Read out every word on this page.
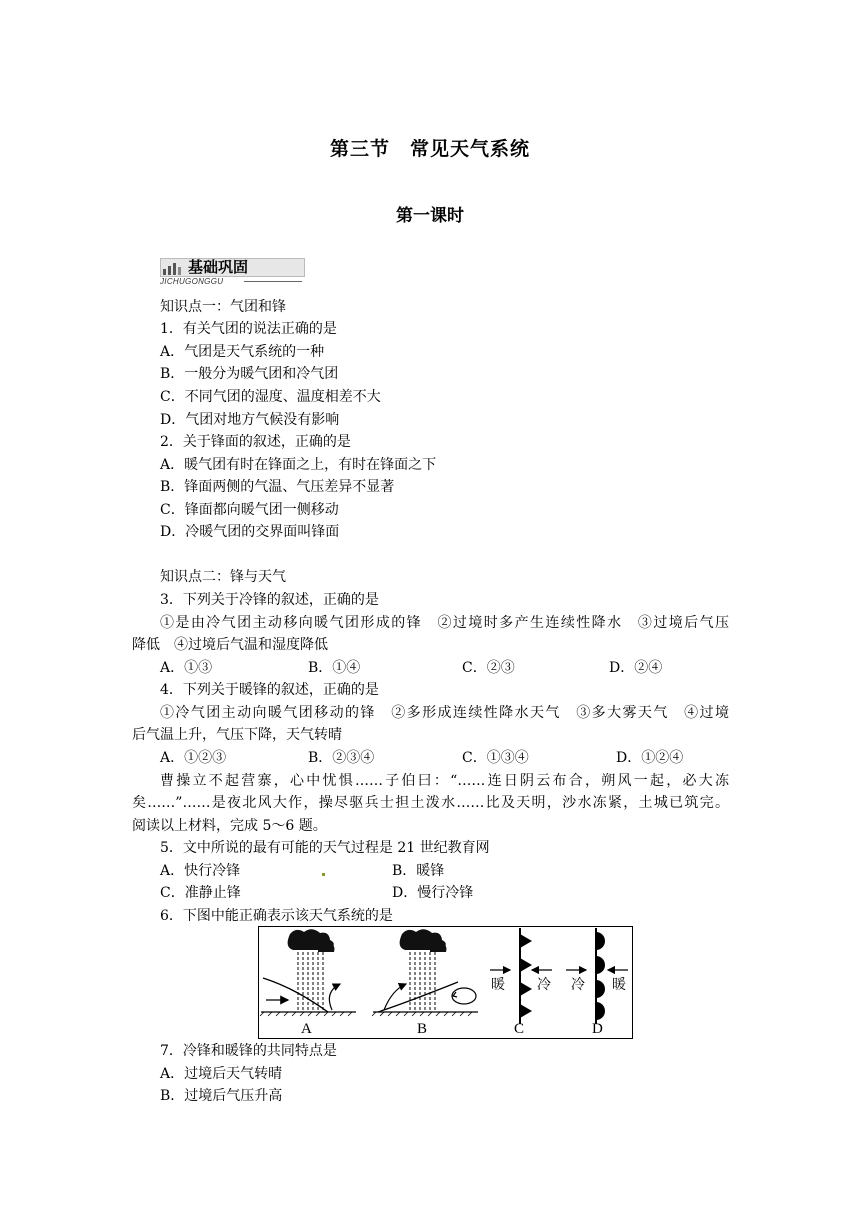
第三节　常见天气系统
第一课时
基础巩固
JICHUGONGGU
知识点一：气团和锋
1．有关气团的说法正确的是
A．气团是天气系统的一种
B．一般分为暖气团和冷气团
C．不同气团的湿度、温度相差不大
D．气团对地方气候没有影响
2．关于锋面的叙述，正确的是
A．暖气团有时在锋面之上，有时在锋面之下
B．锋面两侧的气温、气压差异不显著
C．锋面都向暖气团一侧移动
D．冷暖气团的交界面叫锋面
知识点二：锋与天气
3．下列关于冷锋的叙述，正确的是
①是由冷气团主动移向暖气团形成的锋　②过境时多产生连续性降水　③过境后气压
降低　④过境后气温和湿度降低
A．①③	B．①④	C．②③	D．②④
4．下列关于暖锋的叙述，正确的是
①冷气团主动向暖气团移动的锋　②多形成连续性降水天气　③多大雾天气　④过境
后气温上升，气压下降，天气转晴
A．①②③	B．②③④	C．①③④	D．①②④
曹操立不起营寨，心中忧惧……子伯曰：“……连日阴云布合，朔风一起，必大冻
矣……”……是夜北风大作，操尽驱兵士担土泼水……比及天明，沙水冻紧，土城已筑完。
阅读以上材料，完成 5～6 题。
5．文中所说的最有可能的天气过程是 21 世纪教育网
A．快行冷锋	B．暖锋
C．准静止锋	D．慢行冷锋
6．下图中能正确表示该天气系统的是
暖 冷 冷 暖
A	B	C	D
7．冷锋和暖锋的共同特点是
A．过境后天气转晴
B．过境后气压升高
